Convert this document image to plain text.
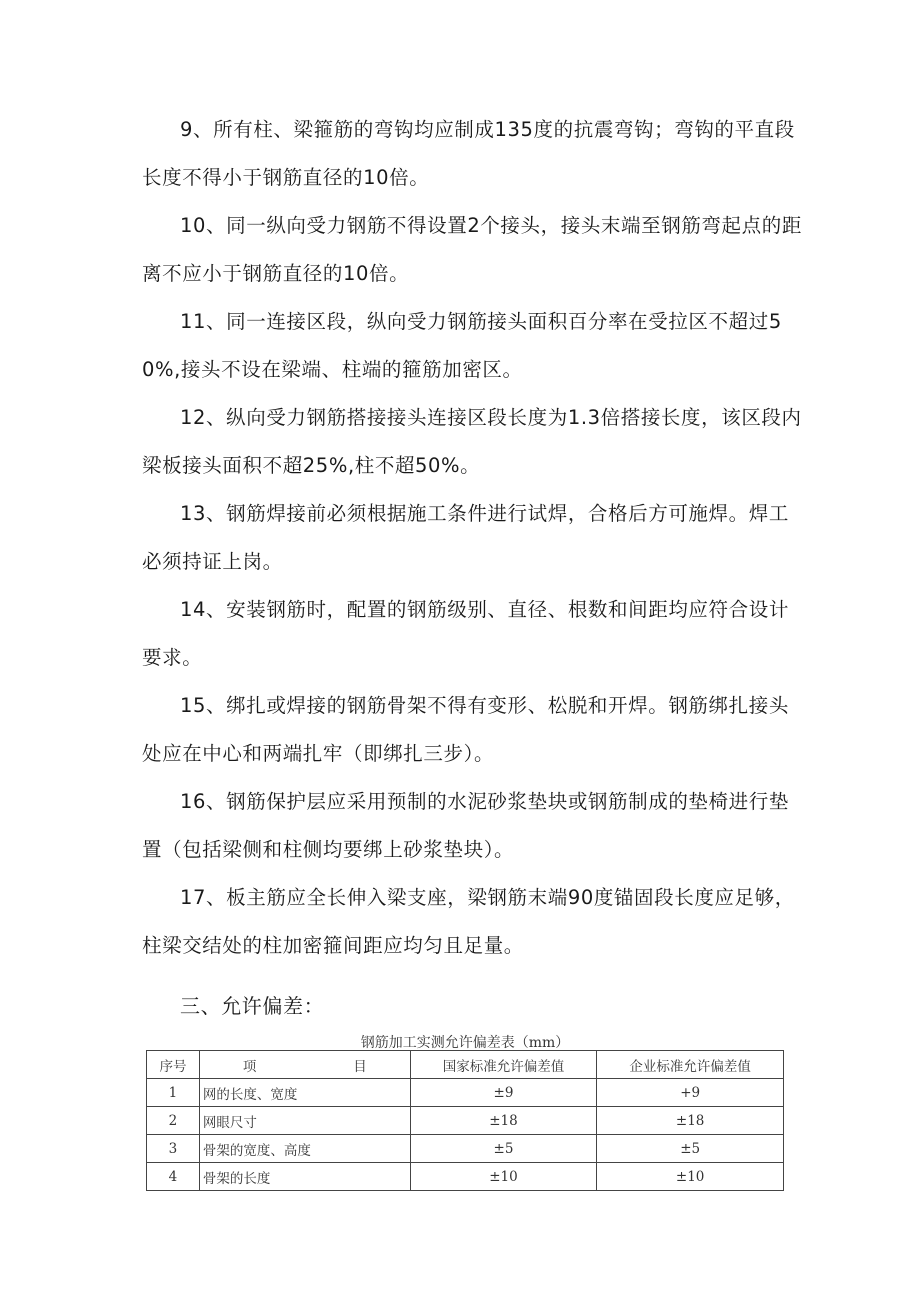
9、所有柱、梁箍筋的弯钩均应制成135度的抗震弯钩；弯钩的平直段长度不得小于钢筋直径的10倍。

10、同一纵向受力钢筋不得设置2个接头，接头末端至钢筋弯起点的距离不应小于钢筋直径的10倍。

11、同一连接区段，纵向受力钢筋接头面积百分率在受拉区不超过50%,接头不设在梁端、柱端的箍筋加密区。

12、纵向受力钢筋搭接接头连接区段长度为1.3倍搭接长度，该区段内梁板接头面积不超25%,柱不超50%。

13、钢筋焊接前必须根据施工条件进行试焊，合格后方可施焊。焊工必须持证上岗。

14、安装钢筋时，配置的钢筋级别、直径、根数和间距均应符合设计要求。

15、绑扎或焊接的钢筋骨架不得有变形、松脱和开焊。钢筋绑扎接头处应在中心和两端扎牢（即绑扎三步）。

16、钢筋保护层应采用预制的水泥砂浆垫块或钢筋制成的垫椅进行垫置（包括梁侧和柱侧均要绑上砂浆垫块）。

17、板主筋应全长伸入梁支座，梁钢筋末端90度锚固段长度应足够，柱梁交结处的柱加密箍间距应均匀且足量。

三、允许偏差：

钢筋加工实测允许偏差表（mm）
序号	项 目	国家标准允许偏差值	企业标准允许偏差值
1	网的长度、宽度	±9	+9
2	网眼尺寸	±18	±18
3	骨架的宽度、高度	±5	±5
4	骨架的长度	±10	±10
